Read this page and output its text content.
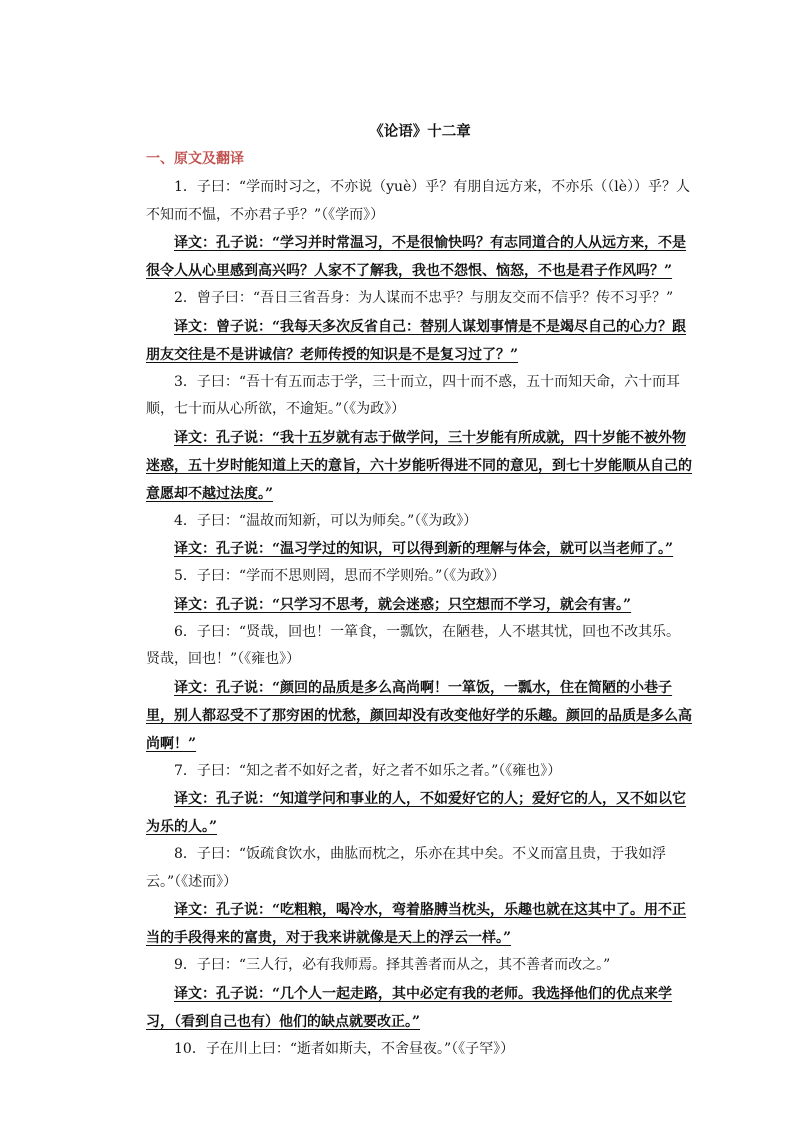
《论语》十二章
一、原文及翻译

1．子曰：“学而时习之，不亦说（yuè）乎？有朋自远方来，不亦乐（（lè））乎？人不知而不愠，不亦君子乎？”（《学而》）

译文：孔子说：“学习并时常温习，不是很愉快吗？有志同道合的人从远方来，不是很令人从心里感到高兴吗？人家不了解我，我也不怨恨、恼怒，不也是君子作风吗？”

2．曾子曰：“吾日三省吾身：为人谋而不忠乎？与朋友交而不信乎？传不习乎？”

译文：曾子说：“我每天多次反省自己：替别人谋划事情是不是竭尽自己的心力？跟朋友交往是不是讲诚信？老师传授的知识是不是复习过了？”

3．子曰：“吾十有五而志于学，三十而立，四十而不惑，五十而知天命，六十而耳顺，七十而从心所欲，不逾矩。”（《为政》）

译文：孔子说：“我十五岁就有志于做学问，三十岁能有所成就，四十岁能不被外物迷惑，五十岁时能知道上天的意旨，六十岁能听得进不同的意见，到七十岁能顺从自己的意愿却不越过法度。”

4．子曰：“温故而知新，可以为师矣。”（《为政》）

译文：孔子说：“温习学过的知识，可以得到新的理解与体会，就可以当老师了。”

5．子曰：“学而不思则罔，思而不学则殆。”（《为政》）

译文：孔子说：“只学习不思考，就会迷惑；只空想而不学习，就会有害。”

6．子曰：“贤哉，回也！一箪食，一瓢饮，在陋巷，人不堪其忧，回也不改其乐。贤哉，回也！”（《雍也》）

译文：孔子说：“颜回的品质是多么高尚啊！一箪饭，一瓢水，住在简陋的小巷子里，别人都忍受不了那穷困的忧愁，颜回却没有改变他好学的乐趣。颜回的品质是多么高尚啊！”

7．子曰：“知之者不如好之者，好之者不如乐之者。”（《雍也》）

译文：孔子说：“知道学问和事业的人，不如爱好它的人；爱好它的人，又不如以它为乐的人。”

8．子曰：“饭疏食饮水，曲肱而枕之，乐亦在其中矣。不义而富且贵，于我如浮云。”（《述而》）

译文：孔子说：“吃粗粮，喝冷水，弯着胳膊当枕头，乐趣也就在这其中了。用不正当的手段得来的富贵，对于我来讲就像是天上的浮云一样。”

9．子曰：“三人行，必有我师焉。择其善者而从之，其不善者而改之。”

译文：孔子说：“几个人一起走路，其中必定有我的老师。我选择他们的优点来学习，（看到自己也有）他们的缺点就要改正。”

10．子在川上曰：“逝者如斯夫，不舍昼夜。”（《子罕》）
